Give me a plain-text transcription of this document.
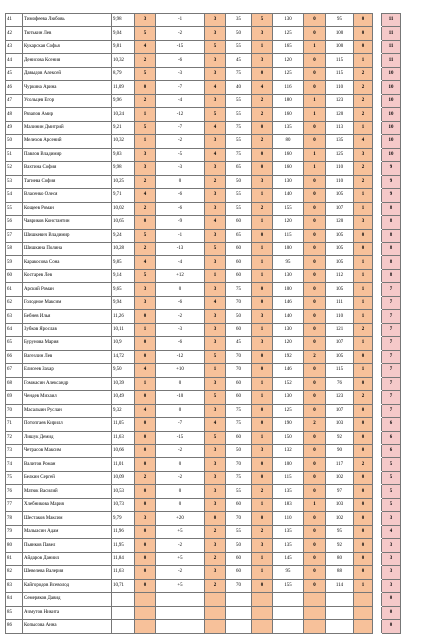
41	Тимофеева Любовь	9,98	3	-1	3	35	5	130	0	95	0		11
42	Тютькин Лев	9,04	5	-2	3	50	3	125	0	100	0		11
43	Кукарская Софья	9,81	4	-15	5	55	1	165	1	100	0		11
44	Денисова Ксения	10,32	2	-6	3	45	3	120	0	115	1		11
45	Давыдов Алексей	8,79	5	-3	3	75	0	125	0	115	2		10
46	Чуркина Арина	11,09	0	-7	4	40	4	116	0	110	2		10
47	Усольцев Егор	9,96	2	-4	3	55	2	180	1	123	2		10
48	Рязапов Амир	10,24	1	-12	5	55	2	160	1	120	2		10
49	Малинин Дмитрий	9,21	5	-7	4	75	0	135	0	113	1		10
50	Мелехов Арсений	10,32	1	-2	3	55	2	80	0	135	4		10
51	Павлов Владимир	9,83	3	-5	4	75	0	160	1	125	3		10
52	Вахтина София	9,98	3	-3	3	65	0	160	1	110	2		9
53	Тагиева София	10,25	2	0	2	50	3	130	0	110	2		9
54	Власенко Олеся	9,71	4	-6	3	55	1	140	0	105	1		9
55	Кощеев Роман	10,02	2	-6	3	55	2	155	0	107	1		8
56	Чавриков Константин	10,65	0	-9	4	60	1	120	0	120	3		8
57	Шишкевич Владимир	9,24	5	-1	3	65	0	115	0	105	0		8
58	Шишкина Полина	10,28	2	-13	5	60	1	100	0	105	0		8
59	Каракосова Сона	9,85	4	-4	3	60	1	95	0	105	1		8
60	Костарев Лев	9,14	5	+12	1	60	1	130	0	112	1		8
61	Арский Роман	9,65	3	0	3	75	0	100	0	105	1		7
62	Голодное Максим	9,94	3	-6	4	70	0	146	0	111	1		7
63	Бебнев Илья	11,26	0	-2	3	50	3	140	0	110	1		7
64	Зубков Ярослав	10,11	1	-3	3	60	1	130	0	121	2		7
65	Бурунова Мария	10,9	0	-6	3	45	3	120	0	107	1		7
66	Вагезлин Лев	14,72	0	-12	5	70	0	192	2	105	0		7
67	Елисеев Захар	9,50	4	+10	1	70	0	146	0	115	1		7
68	Гомжасин Александр	10,39	1	0	3	60	1	152	0	76	0		7
69	Чендев Михаил	10,49	0	-10	5	60	1	130	0	123	2		7
70	Масалыин Руслан	9,32	4	0	3	75	0	125	0	107	0		7
71	Потопгаев Кирилл	11,05	0	-7	4	75	0	190	2	103	0		6
72	Лишук Демид	11,63	0	-15	5	60	1	150	0	92	0		6
73	Четрасов Максим	10,66	0	-2	3	50	3	132	0	90	0		6
74	Валитов Роман	11,01	0	0	3	70	0	100	0	117	2		5
75	Белкин Сергей	10,09	2	-2	3	75	0	115	0	102	0		5
76	Матюк Василий	10,53	0	0	3	55	2	135	0	97	0		5
77	Хлебникова Мария	10,73	0	0	3	60	1	183	1	103	0		5
78	Шестаков Максим	9,79	3	+20	0	70	0	110	0	102	0		3
79	Малыасин Адам	11,96	0	+5	2	55	2	135	0	95	0		4
80	Пьянков Павел	11,95	0	-2	3	50	3	135	0	92	0		3
81	Айдаров Даниил	11,84	0	+5	2	60	1	145	0	80	0		3
82	Шевелева Валерия	11,63	0	-2	3	60	1	95	0	88	0		3
83	Кайгородов Всеволод	10,71	0	+5	2	70	0	155	0	114	1		3
84	Семеряков Давид												0
85	Ачмутов Никита												0
86	Копысова Анна												0
